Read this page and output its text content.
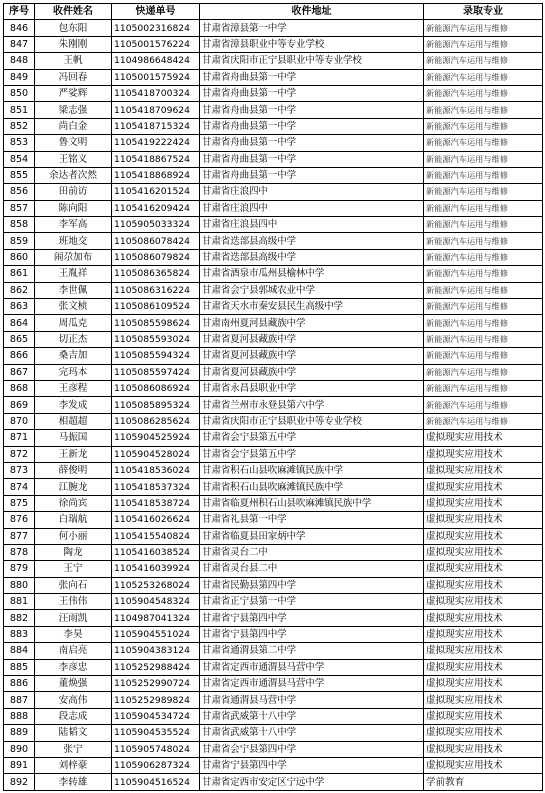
序号	收件姓名	快递单号	收件地址	录取专业
846	包东阳	1105002316824	甘肃省漳县第一中学	新能源汽车运用与维修
847	朱刚刚	1105001576224	甘肃省漳县职业中等专业学校	新能源汽车运用与维修
848	王帆	1104986648424	甘肃省庆阳市正宁县职业中等专业学校	新能源汽车运用与维修
849	冯回春	1105001575924	甘肃省舟曲县第一中学	新能源汽车运用与维修
850	严娑辉	1105418700324	甘肃省舟曲县第一中学	新能源汽车运用与维修
851	梁志强	1105418709624	甘肃省舟曲县第一中学	新能源汽车运用与维修
852	尚白金	1105418715324	甘肃省舟曲县第一中学	新能源汽车运用与维修
853	鲁文明	1105419222424	甘肃省舟曲县第一中学	新能源汽车运用与维修
854	王铭义	1105418867524	甘肃省舟曲县第一中学	新能源汽车运用与维修
855	余达者次然	1105418868924	甘肃省舟曲县第一中学	新能源汽车运用与维修
856	田前访	1105416201524	甘肃省庄浪四中	新能源汽车运用与维修
857	陈向阳	1105416209424	甘肃省庄浪四中	新能源汽车运用与维修
858	李军高	1105905033324	甘肃省庄浪县四中	新能源汽车运用与维修
859	班地交	1105086078424	甘肃省迭部县高级中学	新能源汽车运用与维修
860	闹尕加布	1105086079824	甘肃省迭部县高级中学	新能源汽车运用与维修
861	王胤祥	1105086365824	甘肃省酒泉市瓜州县榆林中学	新能源汽车运用与维修
862	李世佩	1105086316224	甘肃省会宁县郭城农业中学	新能源汽车运用与维修
863	张文桢	1105086109524	甘肃省天水市秦安县民生高级中学	新能源汽车运用与维修
864	周瓜克	1105085598624	甘肃南州夏河县藏族中学	新能源汽车运用与维修
865	切正杰	1105085593024	甘肃省夏河县藏族中学	新能源汽车运用与维修
866	桑吉加	1105085594324	甘肃省夏河县藏族中学	新能源汽车运用与维修
867	完玛本	1105085597424	甘肃省夏河县藏族中学	新能源汽车运用与维修
868	王彦程	1105086086924	甘肃省永昌县职业中学	新能源汽车运用与维修
869	李发成	1105085895324	甘肃省兰州市永登县第六中学	新能源汽车运用与维修
870	相超超	1105086285624	甘肃省庆阳市正宁县职业中等专业学校	新能源汽车运用与维修
871	马振国	1105904525924	甘肃省会宁县第五中学	虚拟现实应用技术
872	王新龙	1105904528024	甘肃省会宁县第五中学	虚拟现实应用技术
873	薛俊明	1105418536024	甘肃省积石山县吹麻滩镇民族中学	虚拟现实应用技术
874	江腕龙	1105418537324	甘肃省积石山县吹麻滩镇民族中学	虚拟现实应用技术
875	徐尚宾	1105418538724	甘肃省临夏州积石山县吹麻滩镇民族中学	虚拟现实应用技术
876	白瑞航	1105416026624	甘肃省礼县第一中学	虚拟现实应用技术
877	何小丽	1105415540824	甘肃省临夏县田家炳中学	虚拟现实应用技术
878	陶龙	1105416038524	甘肃省灵台二中	虚拟现实应用技术
879	王宁	1105416039924	甘肃省灵台县二中	虚拟现实应用技术
880	张向石	1105253268024	甘肃省民勤县第四中学	虚拟现实应用技术
881	王伟伟	1105904548324	甘肃省正宁县第一中学	虚拟现实应用技术
882	汪雨凯	1104987041324	甘肃省宁县第四中学	虚拟现实应用技术
883	李昊	1105904551024	甘肃省宁县第四中学	虚拟现实应用技术
884	南启亮	1105904383124	甘肃省通渭县第二中学	虚拟现实应用技术
885	李彦忠	1105252988424	甘肃省定西市通渭县马营中学	虚拟现实应用技术
886	董焕强	1105252990724	甘肃省定西市通渭县马营中学	虚拟现实应用技术
887	安高伟	1105252989824	甘肃省通渭县马营中学	虚拟现实应用技术
888	段志成	1105904534724	甘肃省武威第十八中学	虚拟现实应用技术
889	陆韬文	1105904535524	甘肃省武威第十八中学	虚拟现实应用技术
890	张宁	1105905748024	甘肃省会宁县第四中学	虚拟现实应用技术
891	刘梓豪	1105906287324	甘肃省宁县第四中学	虚拟现实应用技术
892	李转雄	1105904516524	甘肃省定西市安定区宁远中学	学前教育
